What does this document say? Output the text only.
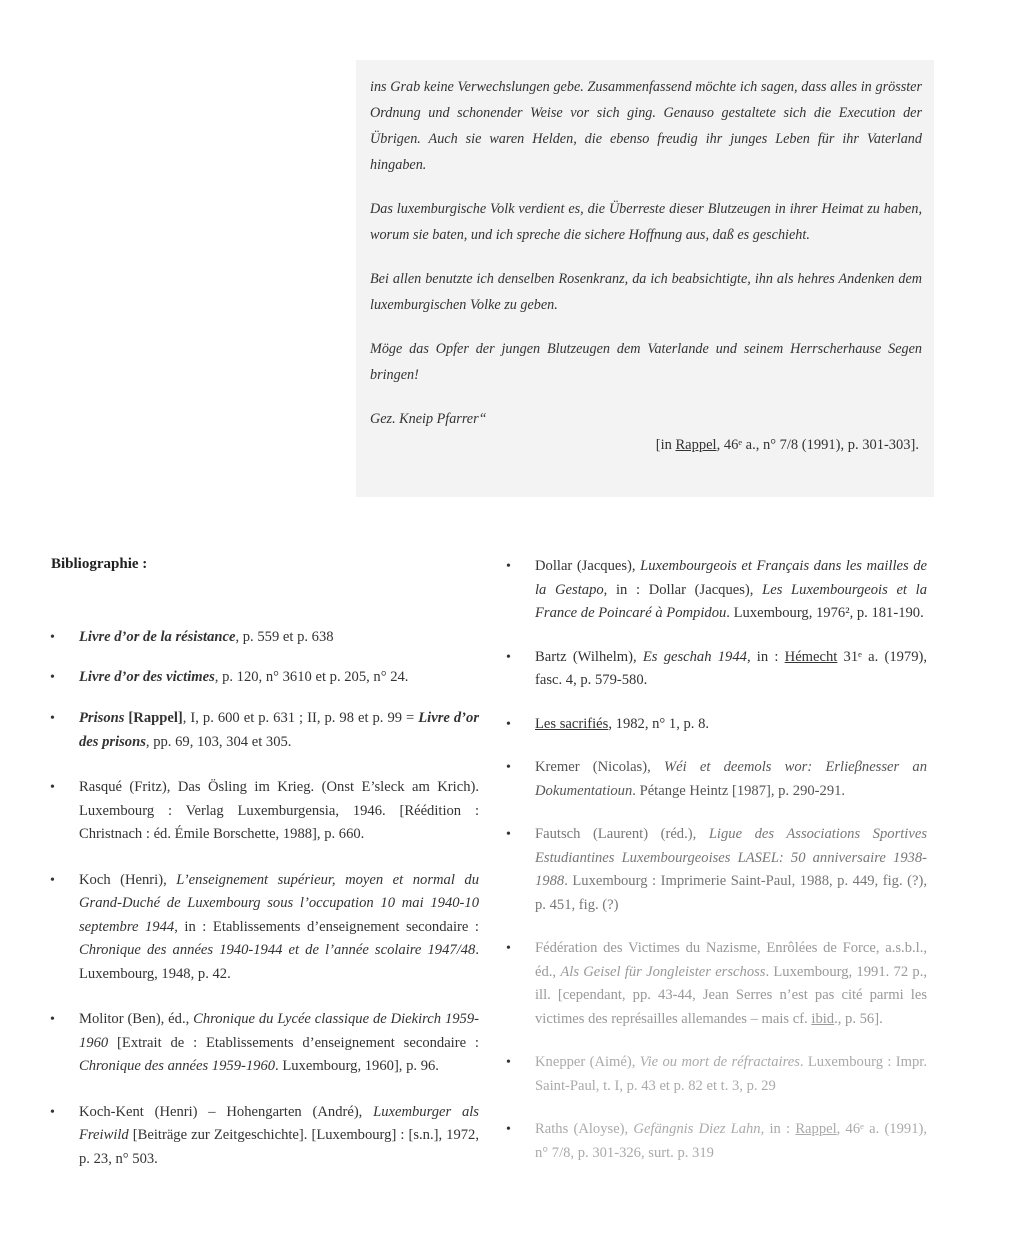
ins Grab keine Verwechslungen gebe. Zusammenfassend möchte ich sagen, dass alles in grösster Ordnung und schonender Weise vor sich ging. Genauso gestaltete sich die Execution der Übrigen. Auch sie waren Helden, die ebenso freudig ihr junges Leben für ihr Vaterland hingaben.

Das luxemburgische Volk verdient es, die Überreste dieser Blutzeugen in ihrer Heimat zu haben, worum sie baten, und ich spreche die sichere Hoffnung aus, daß es geschieht.

Bei allen benutzte ich denselben Rosenkranz, da ich beabsichtigte, ihn als hehres Andenken dem luxemburgischen Volke zu geben.

Möge das Opfer der jungen Blutzeugen dem Vaterlande und seinem Herrscherhause Segen bringen!

Gez. Kneip Pfarrer“

[in Rappel, 46ᵉ a., n° 7/8 (1991), p. 301-303].
Bibliographie :
• Livre d’or de la résistance, p. 559 et p. 638
• Livre d’or des victimes, p. 120, n° 3610 et p. 205, n° 24.
• Prisons [Rappel], I, p. 600 et p. 631 ; II, p. 98 et p. 99 = Livre d’or des prisons, pp. 69, 103, 304 et 305.
• Rasqué (Fritz), Das Ösling im Krieg. (Onst E’sleck am Krich). Luxembourg : Verlag Luxemburgensia, 1946. [Réédition : Christnach : éd. Émile Borschette, 1988], p. 660.
• Koch (Henri), L’enseignement supérieur, moyen et normal du Grand-Duché de Luxembourg sous l’occupation 10 mai 1940-10 septembre 1944, in : Etablissements d’enseignement secondaire : Chronique des années 1940-1944 et de l’année scolaire 1947/48. Luxembourg, 1948, p. 42.
• Molitor (Ben), éd., Chronique du Lycée classique de Diekirch 1959-1960 [Extrait de : Etablissements d’enseignement secondaire : Chronique des années 1959-1960. Luxembourg, 1960], p. 96.
• Koch-Kent (Henri) – Hohengarten (André), Luxemburger als Freiwild [Beiträge zur Zeitgeschichte]. [Luxembourg] : [s.n.], 1972, p. 23, n° 503.
• Dollar (Jacques), Luxembourgeois et Français dans les mailles de la Gestapo, in : Dollar (Jacques), Les Luxembourgeois et la France de Poincaré à Pompidou. Luxembourg, 1976², p. 181-190.
• Bartz (Wilhelm), Es geschah 1944, in : Hémecht 31ᵉ a. (1979), fasc. 4, p. 579-580.
• Les sacrifiés, 1982, n° 1, p. 8.
• Kremer (Nicolas), Wéi et deemols wor: Erlieβnesser an Dokumentatioun. Pétange Heintz [1987], p. 290-291.
• Fautsch (Laurent) (réd.), Ligue des Associations Sportives Estudiantines Luxembourgeoises LASEL: 50 anniversaire 1938-1988. Luxembourg : Imprimerie Saint-Paul, 1988, p. 449, fig. (?), p. 451, fig. (?)
• Fédération des Victimes du Nazisme, Enrôlées de Force, a.s.b.l., éd., Als Geisel für Jongleister erschoss. Luxembourg, 1991. 72 p., ill. [cependant, pp. 43-44, Jean Serres n’est pas cité parmi les victimes des représailles allemandes – mais cf. ibid., p. 56].
• Knepper (Aimé), Vie ou mort de réfractaires. Luxembourg : Impr. Saint-Paul, t. I, p. 43 et p. 82 et t. 3, p. 29
• Raths (Aloyse), Gefängnis Diez Lahn, in : Rappel, 46ᵉ a. (1991), n° 7/8, p. 301-326, surt. p. 319
